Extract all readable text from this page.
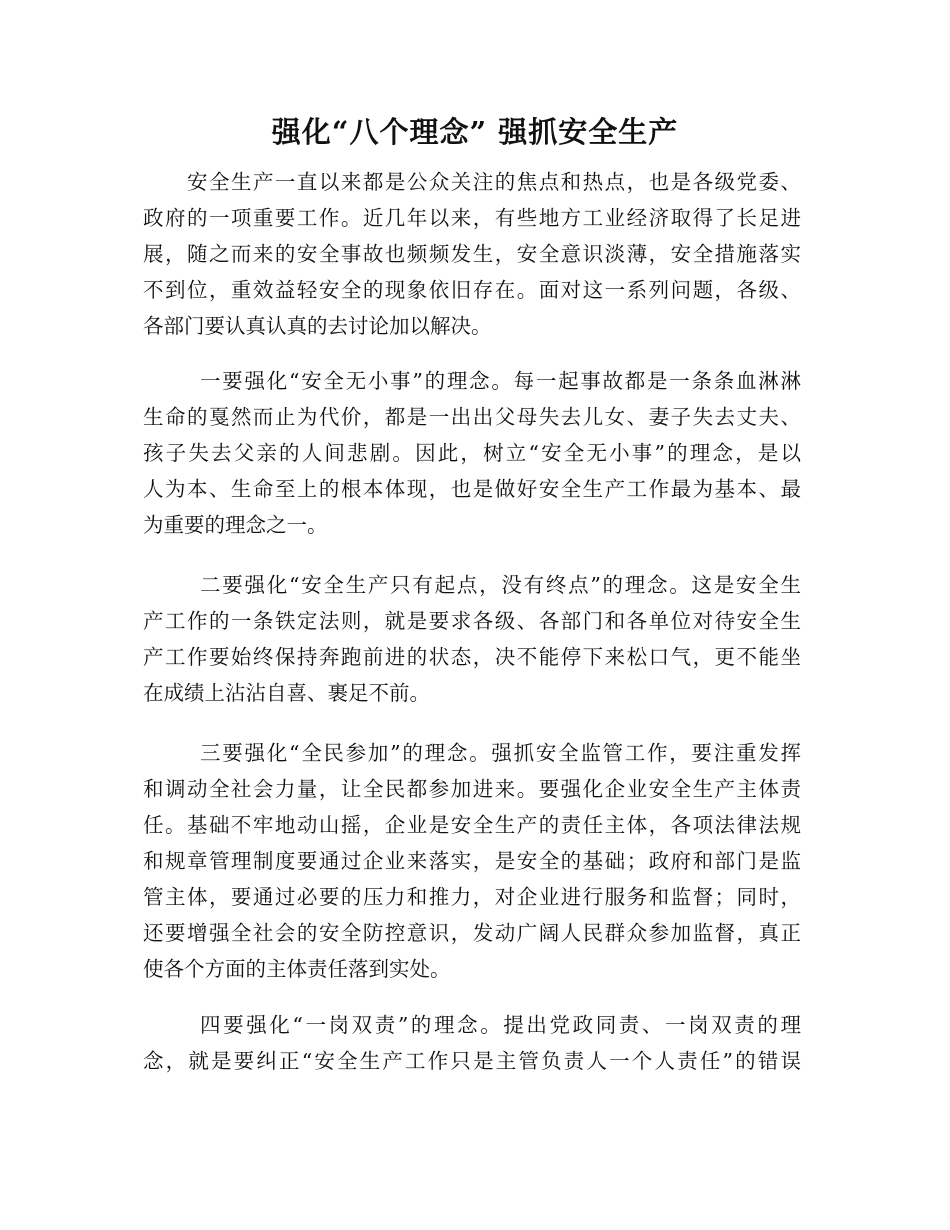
强化“八个理念” 强抓安全生产
安全生产一直以来都是公众关注的焦点和热点，也是各级党委、
政府的一项重要工作。近几年以来，有些地方工业经济取得了长足进
展，随之而来的安全事故也频频发生，安全意识淡薄，安全措施落实
不到位，重效益轻安全的现象依旧存在。面对这一系列问题，各级、
各部门要认真认真的去讨论加以解决。
一要强化“安全无小事”的理念。每一起事故都是一条条血淋淋
生命的戛然而止为代价，都是一出出父母失去儿女、妻子失去丈夫、
孩子失去父亲的人间悲剧。因此，树立“安全无小事”的理念，是以
人为本、生命至上的根本体现，也是做好安全生产工作最为基本、最
为重要的理念之一。
二要强化“安全生产只有起点，没有终点”的理念。这是安全生
产工作的一条铁定法则，就是要求各级、各部门和各单位对待安全生
产工作要始终保持奔跑前进的状态，决不能停下来松口气，更不能坐
在成绩上沾沾自喜、裹足不前。
三要强化“全民参加”的理念。强抓安全监管工作，要注重发挥
和调动全社会力量，让全民都参加进来。要强化企业安全生产主体责
任。基础不牢地动山摇，企业是安全生产的责任主体，各项法律法规
和规章管理制度要通过企业来落实，是安全的基础；政府和部门是监
管主体，要通过必要的压力和推力，对企业进行服务和监督；同时，
还要增强全社会的安全防控意识，发动广阔人民群众参加监督，真正
使各个方面的主体责任落到实处。
四要强化“一岗双责”的理念。提出党政同责、一岗双责的理
念，就是要纠正“安全生产工作只是主管负责人一个人责任”的错误
